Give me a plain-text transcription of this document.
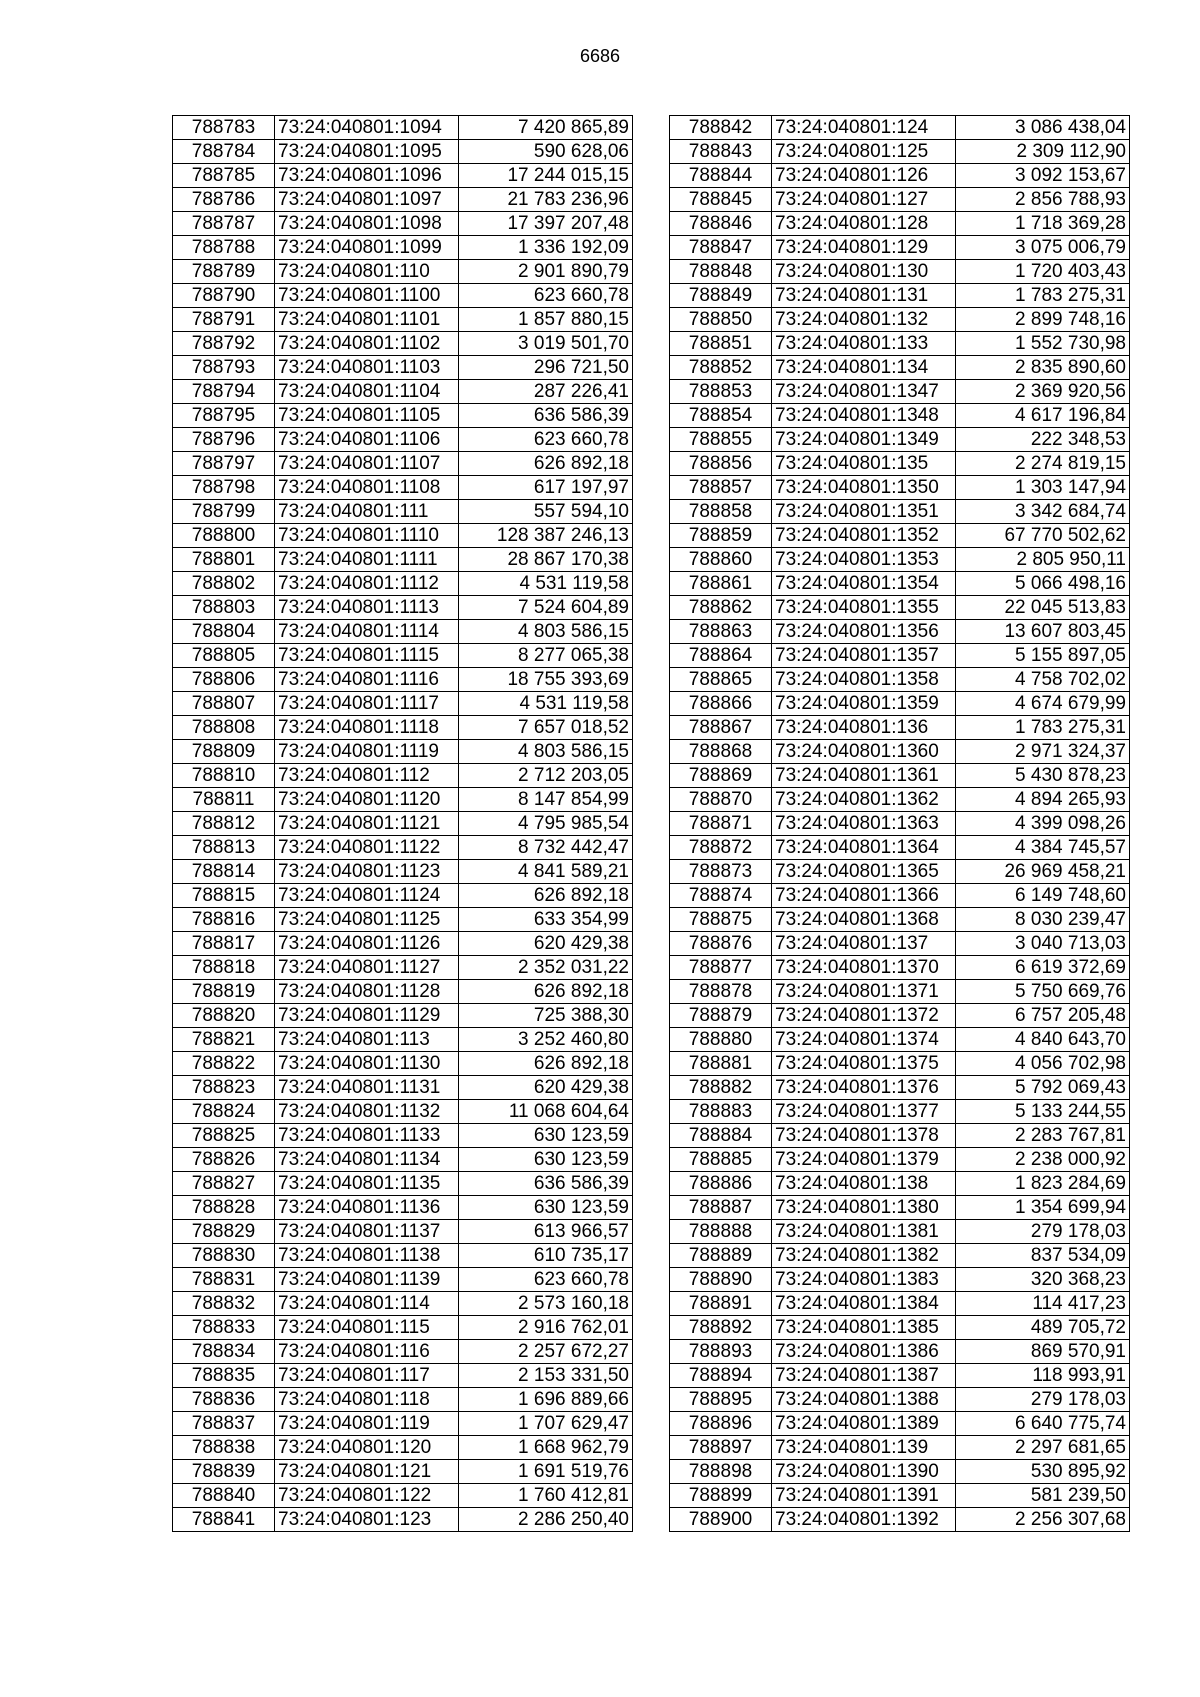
6686
788783	73:24:040801:1094	7 420 865,89
788784	73:24:040801:1095	590 628,06
788785	73:24:040801:1096	17 244 015,15
788786	73:24:040801:1097	21 783 236,96
788787	73:24:040801:1098	17 397 207,48
788788	73:24:040801:1099	1 336 192,09
788789	73:24:040801:110	2 901 890,79
788790	73:24:040801:1100	623 660,78
788791	73:24:040801:1101	1 857 880,15
788792	73:24:040801:1102	3 019 501,70
788793	73:24:040801:1103	296 721,50
788794	73:24:040801:1104	287 226,41
788795	73:24:040801:1105	636 586,39
788796	73:24:040801:1106	623 660,78
788797	73:24:040801:1107	626 892,18
788798	73:24:040801:1108	617 197,97
788799	73:24:040801:111	557 594,10
788800	73:24:040801:1110	128 387 246,13
788801	73:24:040801:1111	28 867 170,38
788802	73:24:040801:1112	4 531 119,58
788803	73:24:040801:1113	7 524 604,89
788804	73:24:040801:1114	4 803 586,15
788805	73:24:040801:1115	8 277 065,38
788806	73:24:040801:1116	18 755 393,69
788807	73:24:040801:1117	4 531 119,58
788808	73:24:040801:1118	7 657 018,52
788809	73:24:040801:1119	4 803 586,15
788810	73:24:040801:112	2 712 203,05
788811	73:24:040801:1120	8 147 854,99
788812	73:24:040801:1121	4 795 985,54
788813	73:24:040801:1122	8 732 442,47
788814	73:24:040801:1123	4 841 589,21
788815	73:24:040801:1124	626 892,18
788816	73:24:040801:1125	633 354,99
788817	73:24:040801:1126	620 429,38
788818	73:24:040801:1127	2 352 031,22
788819	73:24:040801:1128	626 892,18
788820	73:24:040801:1129	725 388,30
788821	73:24:040801:113	3 252 460,80
788822	73:24:040801:1130	626 892,18
788823	73:24:040801:1131	620 429,38
788824	73:24:040801:1132	11 068 604,64
788825	73:24:040801:1133	630 123,59
788826	73:24:040801:1134	630 123,59
788827	73:24:040801:1135	636 586,39
788828	73:24:040801:1136	630 123,59
788829	73:24:040801:1137	613 966,57
788830	73:24:040801:1138	610 735,17
788831	73:24:040801:1139	623 660,78
788832	73:24:040801:114	2 573 160,18
788833	73:24:040801:115	2 916 762,01
788834	73:24:040801:116	2 257 672,27
788835	73:24:040801:117	2 153 331,50
788836	73:24:040801:118	1 696 889,66
788837	73:24:040801:119	1 707 629,47
788838	73:24:040801:120	1 668 962,79
788839	73:24:040801:121	1 691 519,76
788840	73:24:040801:122	1 760 412,81
788841	73:24:040801:123	2 286 250,40
788842	73:24:040801:124	3 086 438,04
788843	73:24:040801:125	2 309 112,90
788844	73:24:040801:126	3 092 153,67
788845	73:24:040801:127	2 856 788,93
788846	73:24:040801:128	1 718 369,28
788847	73:24:040801:129	3 075 006,79
788848	73:24:040801:130	1 720 403,43
788849	73:24:040801:131	1 783 275,31
788850	73:24:040801:132	2 899 748,16
788851	73:24:040801:133	1 552 730,98
788852	73:24:040801:134	2 835 890,60
788853	73:24:040801:1347	2 369 920,56
788854	73:24:040801:1348	4 617 196,84
788855	73:24:040801:1349	222 348,53
788856	73:24:040801:135	2 274 819,15
788857	73:24:040801:1350	1 303 147,94
788858	73:24:040801:1351	3 342 684,74
788859	73:24:040801:1352	67 770 502,62
788860	73:24:040801:1353	2 805 950,11
788861	73:24:040801:1354	5 066 498,16
788862	73:24:040801:1355	22 045 513,83
788863	73:24:040801:1356	13 607 803,45
788864	73:24:040801:1357	5 155 897,05
788865	73:24:040801:1358	4 758 702,02
788866	73:24:040801:1359	4 674 679,99
788867	73:24:040801:136	1 783 275,31
788868	73:24:040801:1360	2 971 324,37
788869	73:24:040801:1361	5 430 878,23
788870	73:24:040801:1362	4 894 265,93
788871	73:24:040801:1363	4 399 098,26
788872	73:24:040801:1364	4 384 745,57
788873	73:24:040801:1365	26 969 458,21
788874	73:24:040801:1366	6 149 748,60
788875	73:24:040801:1368	8 030 239,47
788876	73:24:040801:137	3 040 713,03
788877	73:24:040801:1370	6 619 372,69
788878	73:24:040801:1371	5 750 669,76
788879	73:24:040801:1372	6 757 205,48
788880	73:24:040801:1374	4 840 643,70
788881	73:24:040801:1375	4 056 702,98
788882	73:24:040801:1376	5 792 069,43
788883	73:24:040801:1377	5 133 244,55
788884	73:24:040801:1378	2 283 767,81
788885	73:24:040801:1379	2 238 000,92
788886	73:24:040801:138	1 823 284,69
788887	73:24:040801:1380	1 354 699,94
788888	73:24:040801:1381	279 178,03
788889	73:24:040801:1382	837 534,09
788890	73:24:040801:1383	320 368,23
788891	73:24:040801:1384	114 417,23
788892	73:24:040801:1385	489 705,72
788893	73:24:040801:1386	869 570,91
788894	73:24:040801:1387	118 993,91
788895	73:24:040801:1388	279 178,03
788896	73:24:040801:1389	6 640 775,74
788897	73:24:040801:139	2 297 681,65
788898	73:24:040801:1390	530 895,92
788899	73:24:040801:1391	581 239,50
788900	73:24:040801:1392	2 256 307,68
